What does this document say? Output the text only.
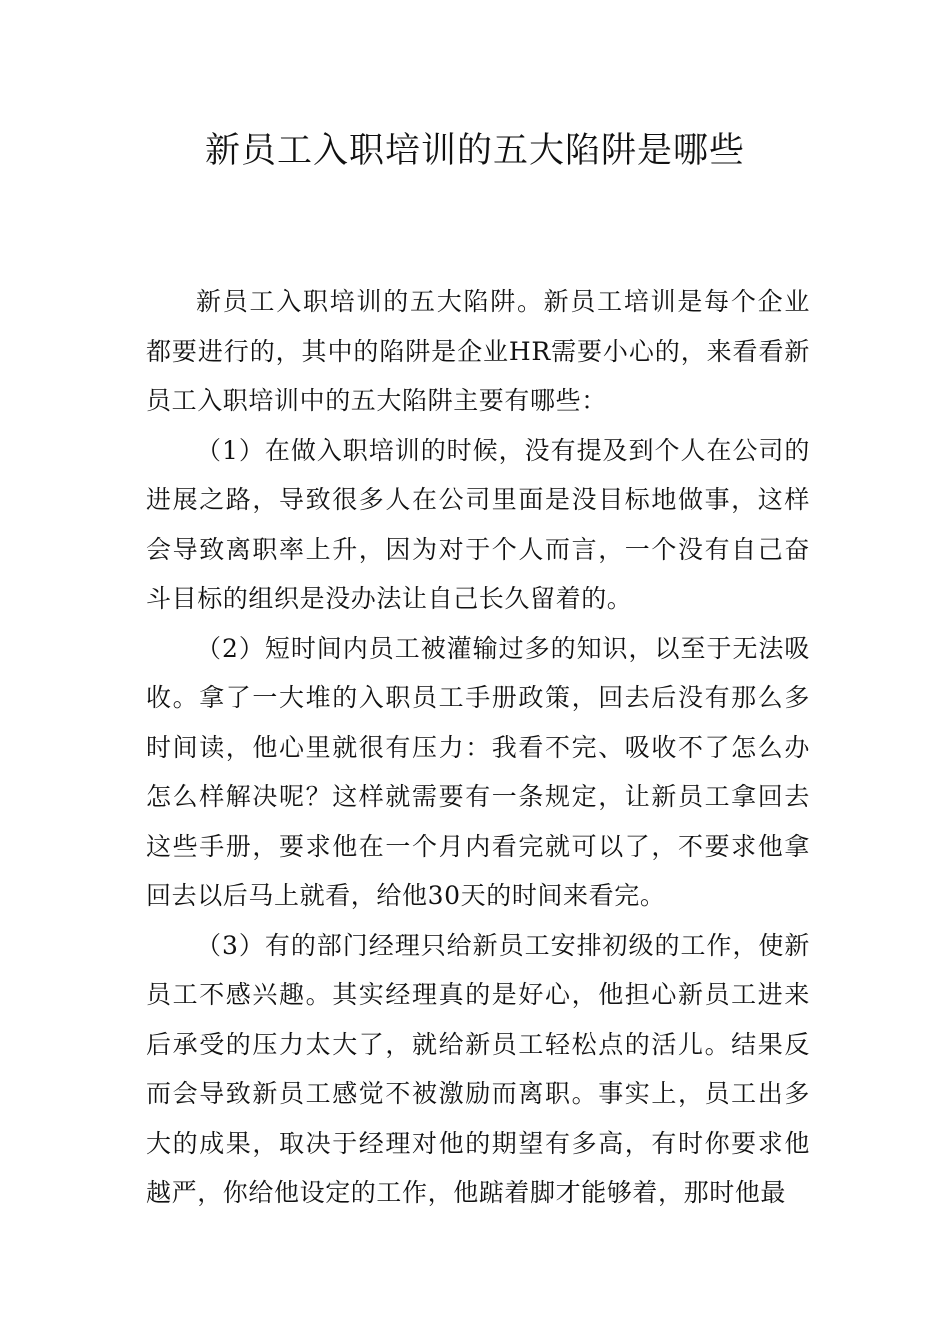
新员工入职培训的五大陷阱是哪些

新员工入职培训的五大陷阱。新员工培训是每个企业都要进行的，其中的陷阱是企业HR需要小心的，来看看新员工入职培训中的五大陷阱主要有哪些：

（1）在做入职培训的时候，没有提及到个人在公司的进展之路，导致很多人在公司里面是没目标地做事，这样会导致离职率上升，因为对于个人而言，一个没有自己奋斗目标的组织是没办法让自己长久留着的。

（2）短时间内员工被灌输过多的知识，以至于无法吸收。拿了一大堆的入职员工手册政策，回去后没有那么多时间读，他心里就很有压力：我看不完、吸收不了怎么办怎么样解决呢？这样就需要有一条规定，让新员工拿回去这些手册，要求他在一个月内看完就可以了，不要求他拿回去以后马上就看，给他30天的时间来看完。

（3）有的部门经理只给新员工安排初级的工作，使新员工不感兴趣。其实经理真的是好心，他担心新员工进来后承受的压力太大了，就给新员工轻松点的活儿。结果反而会导致新员工感觉不被激励而离职。事实上，员工出多大的成果，取决于经理对他的期望有多高，有时你要求他越严，你给他设定的工作，他踮着脚才能够着，那时他最
